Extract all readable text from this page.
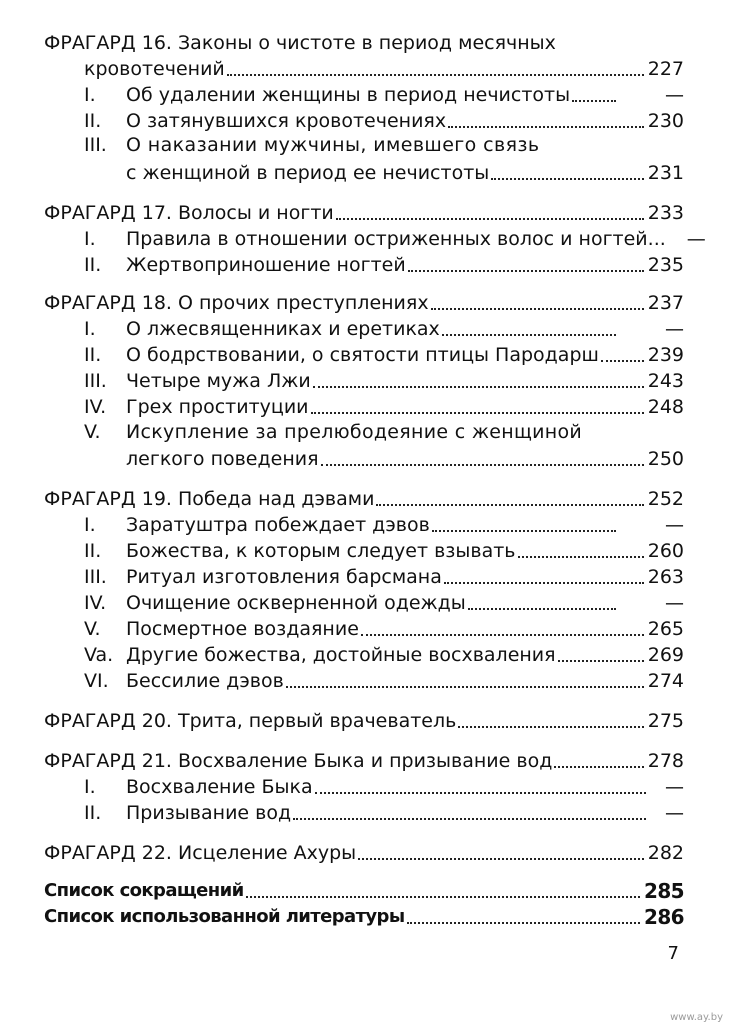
ФРАГАРД 16. Законы о чистоте в период месячных
кровотечений	227
I. Об удалении женщины в период нечистоты	—
II. О затянувшихся кровотечениях	230
III. О наказании мужчины, имевшего связь
с женщиной в период ее нечистоты	231
ФРАГАРД 17. Волосы и ногти	233
I. Правила в отношении остриженных волос и ногтей...	—
II. Жертвоприношение ногтей	235
ФРАГАРД 18. О прочих преступлениях	237
I. О лжесвященниках и еретиках	—
II. О бодрствовании, о святости птицы Пародарш	239
III. Четыре мужа Лжи	243
IV. Грех проституции	248
V. Искупление за прелюбодеяние с женщиной
легкого поведения	250
ФРАГАРД 19. Победа над дэвами	252
I. Заратуштра побеждает дэвов	—
II. Божества, к которым следует взывать	260
III. Ритуал изготовления барсмана	263
IV. Очищение оскверненной одежды	—
V. Посмертное воздаяние	265
Va. Другие божества, достойные восхваления	269
VI. Бессилие дэвов	274
ФРАГАРД 20. Трита, первый врачеватель	275
ФРАГАРД 21. Восхваление Быка и призывание вод	278
I. Восхваление Быка	—
II. Призывание вод	—
ФРАГАРД 22. Исцеление Ахуры	282
Список сокращений	285
Список использованной литературы	286
7
www.ay.by
